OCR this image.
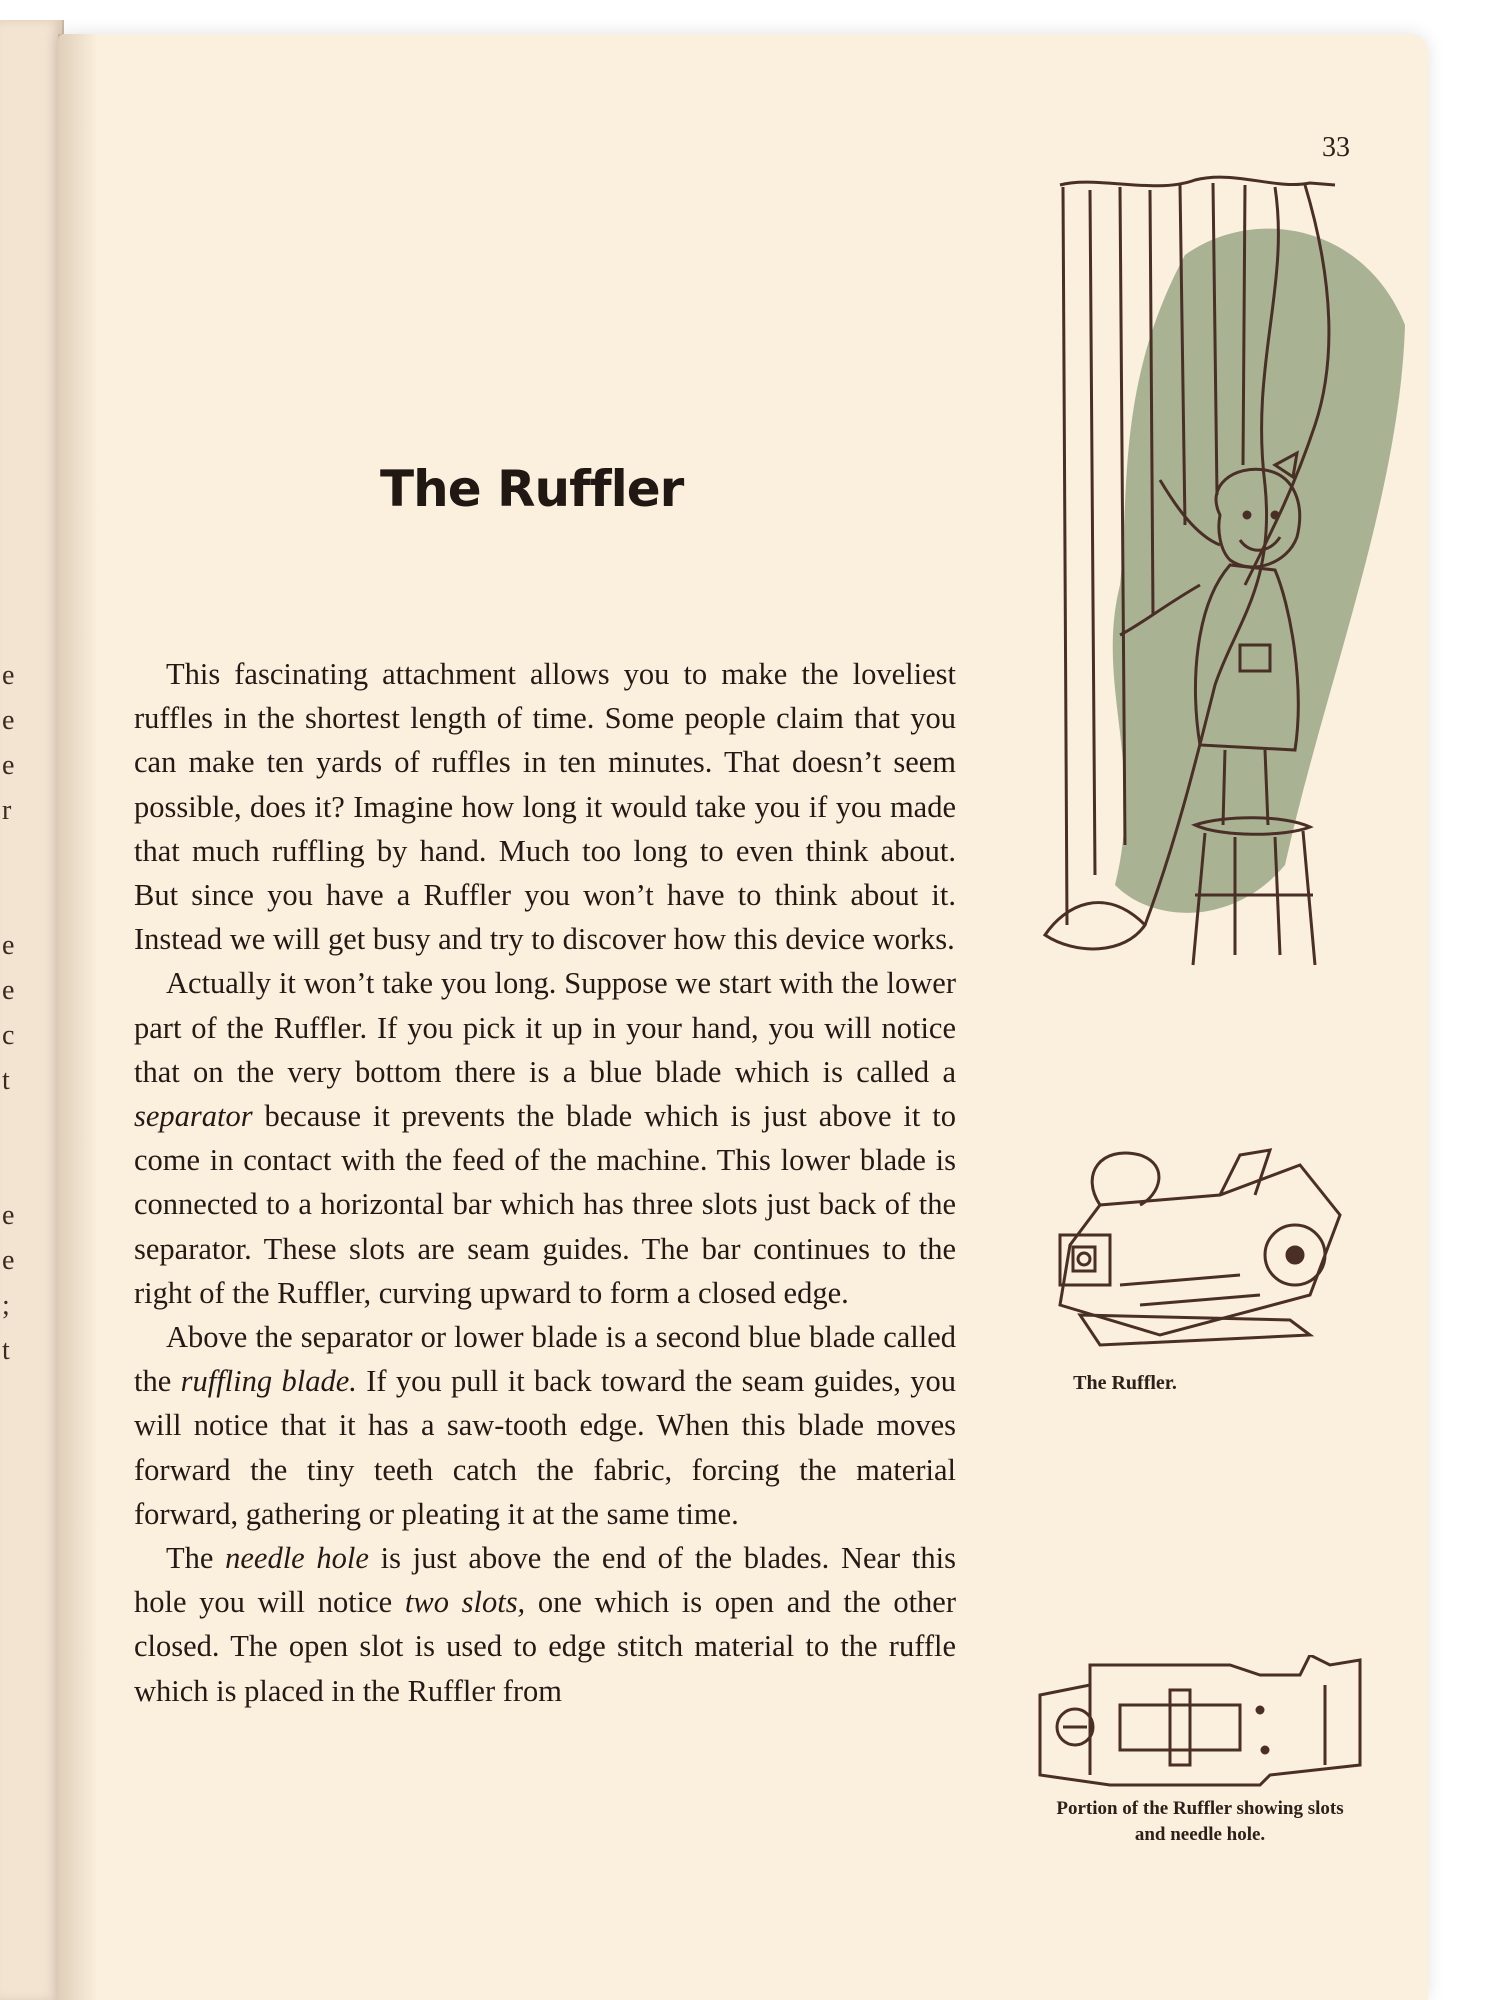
e
e
e
r
e
e
c
t
e
e
;
t
33
The Ruffler.
Portion of the Ruffler showing slots
and needle hole.
The Ruffler

This fascinating attachment allows you to make the loveliest ruffles in the shortest length of time. Some people claim that you can make ten yards of ruffles in ten minutes. That doesn’t seem possible, does it? Imagine how long it would take you if you made that much ruffling by hand. Much too long to even think about. But since you have a Ruffler you won’t have to think about it. Instead we will get busy and try to discover how this device works.

Actually it won’t take you long. Suppose we start with the lower part of the Ruffler. If you pick it up in your hand, you will notice that on the very bottom there is a blue blade which is called a separator because it prevents the blade which is just above it to come in contact with the feed of the machine. This lower blade is connected to a horizontal bar which has three slots just back of the separator. These slots are seam guides. The bar continues to the right of the Ruffler, curving upward to form a closed edge.

Above the separator or lower blade is a second blue blade called the ruffling blade. If you pull it back toward the seam guides, you will notice that it has a saw-tooth edge. When this blade moves forward the tiny teeth catch the fabric, forcing the material forward, gathering or pleating it at the same time.

The needle hole is just above the end of the blades. Near this hole you will notice two slots, one which is open and the other closed. The open slot is used to edge stitch material to the ruffle which is placed in the Ruffler from
